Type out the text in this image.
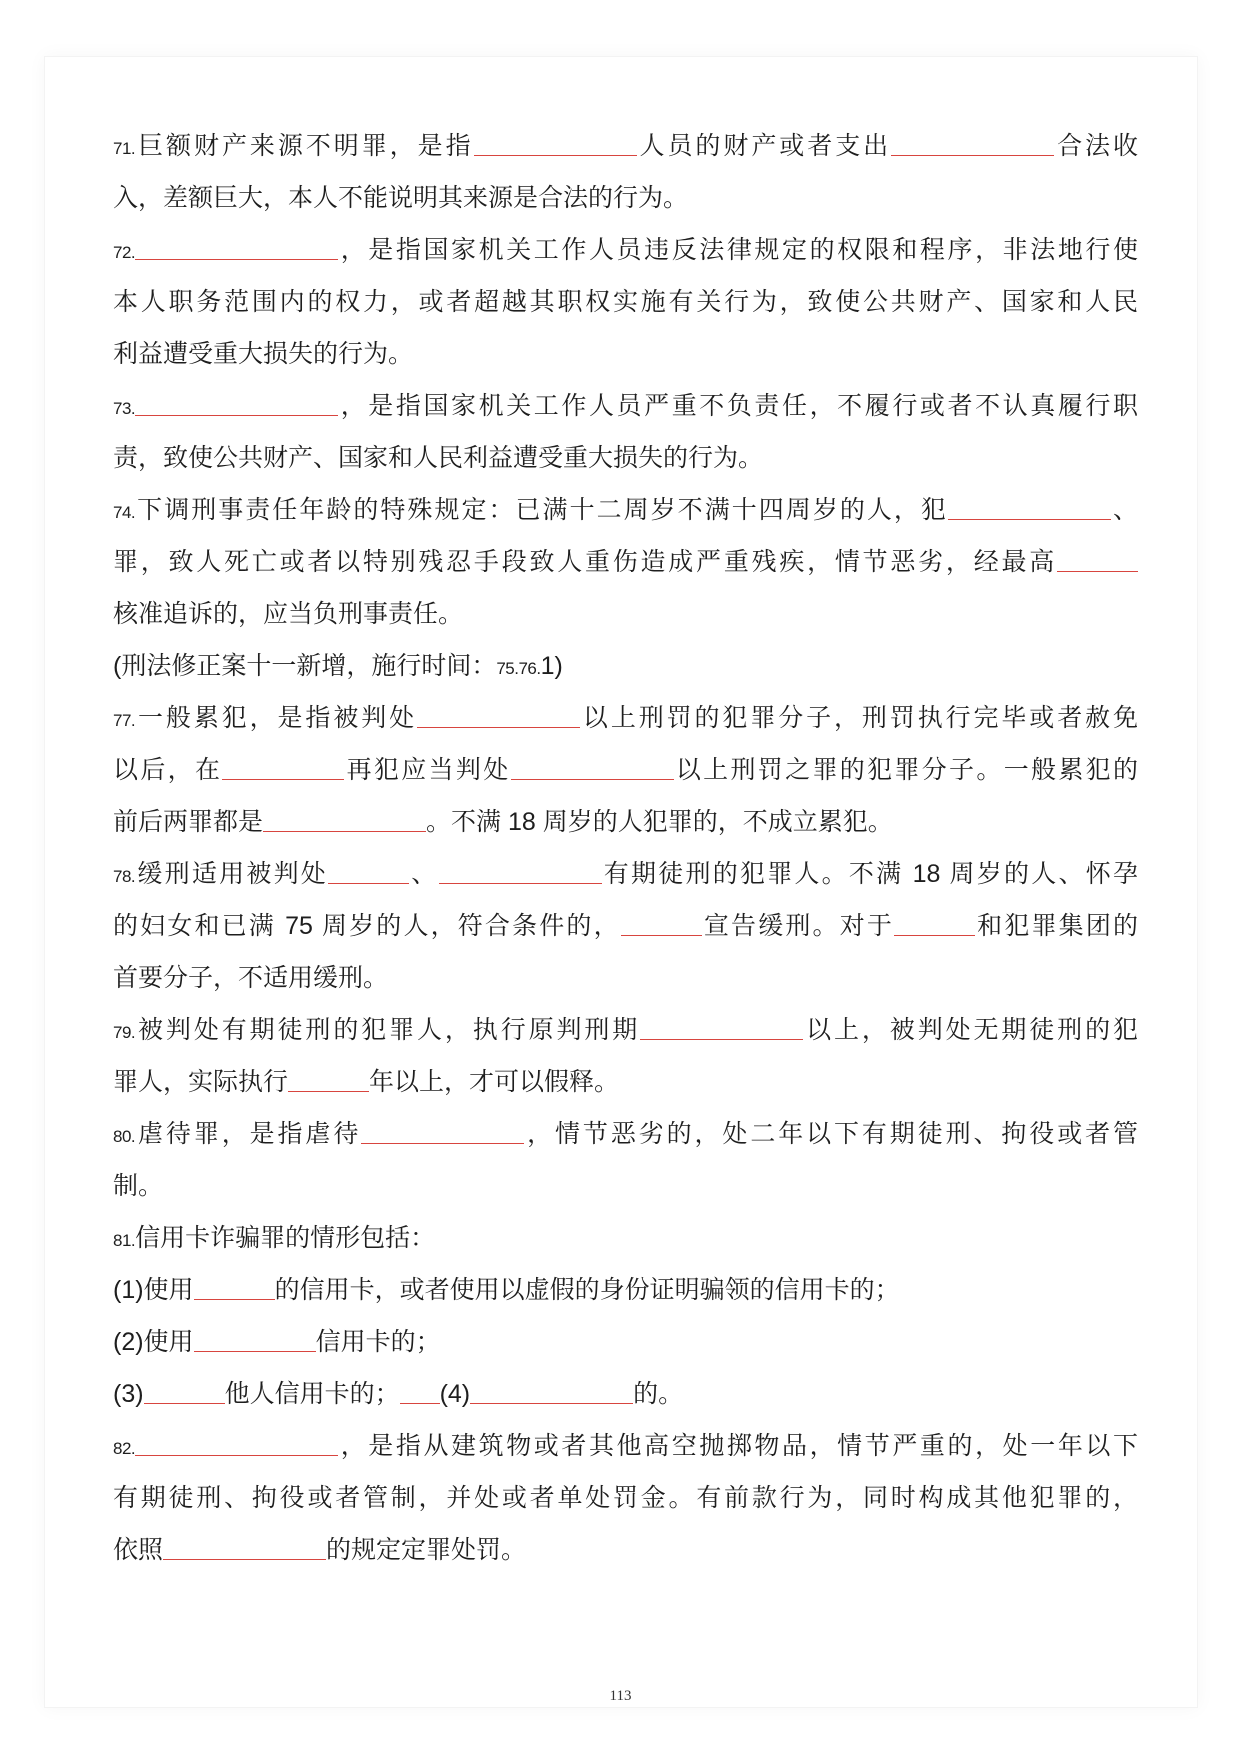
71.巨额财产来源不明罪，是指	人员的财产或者支出	合法收
入，差额巨大，本人不能说明其来源是合法的行为。
72.	，是指国家机关工作人员违反法律规定的权限和程序，非法地行使
本人职务范围内的权力，或者超越其职权实施有关行为，致使公共财产、国家和人民
利益遭受重大损失的行为。
73.	，是指国家机关工作人员严重不负责任，不履行或者不认真履行职
责，致使公共财产、国家和人民利益遭受重大损失的行为。
74.下调刑事责任年龄的特殊规定：已满十二周岁不满十四周岁的人，犯	、
罪，致人死亡或者以特别残忍手段致人重伤造成严重残疾，情节恶劣，经最高
核准追诉的，应当负刑事责任。
(刑法修正案十一新增，施行时间：75.76.1)
77.一般累犯，是指被判处	以上刑罚的犯罪分子，刑罚执行完毕或者赦免
以后，在	再犯应当判处	以上刑罚之罪的犯罪分子。一般累犯的
前后两罪都是	。不满 18 周岁的人犯罪的，不成立累犯。
78.缓刑适用被判处	、	有期徒刑的犯罪人。不满 18 周岁的人、怀孕
的妇女和已满 75 周岁的人，符合条件的，	宣告缓刑。对于	和犯罪集团的
首要分子，不适用缓刑。
79.被判处有期徒刑的犯罪人，执行原判刑期	以上，被判处无期徒刑的犯
罪人，实际执行	年以上，才可以假释。
80.虐待罪，是指虐待	，情节恶劣的，处二年以下有期徒刑、拘役或者管
制。
81.信用卡诈骗罪的情形包括：
(1)使用	的信用卡，或者使用以虚假的身份证明骗领的信用卡的；
(2)使用	信用卡的；
(3)	他人信用卡的； (4)	的。
82.	，是指从建筑物或者其他高空抛掷物品，情节严重的，处一年以下
有期徒刑、拘役或者管制，并处或者单处罚金。有前款行为，同时构成其他犯罪的，
依照	的规定定罪处罚。
113
